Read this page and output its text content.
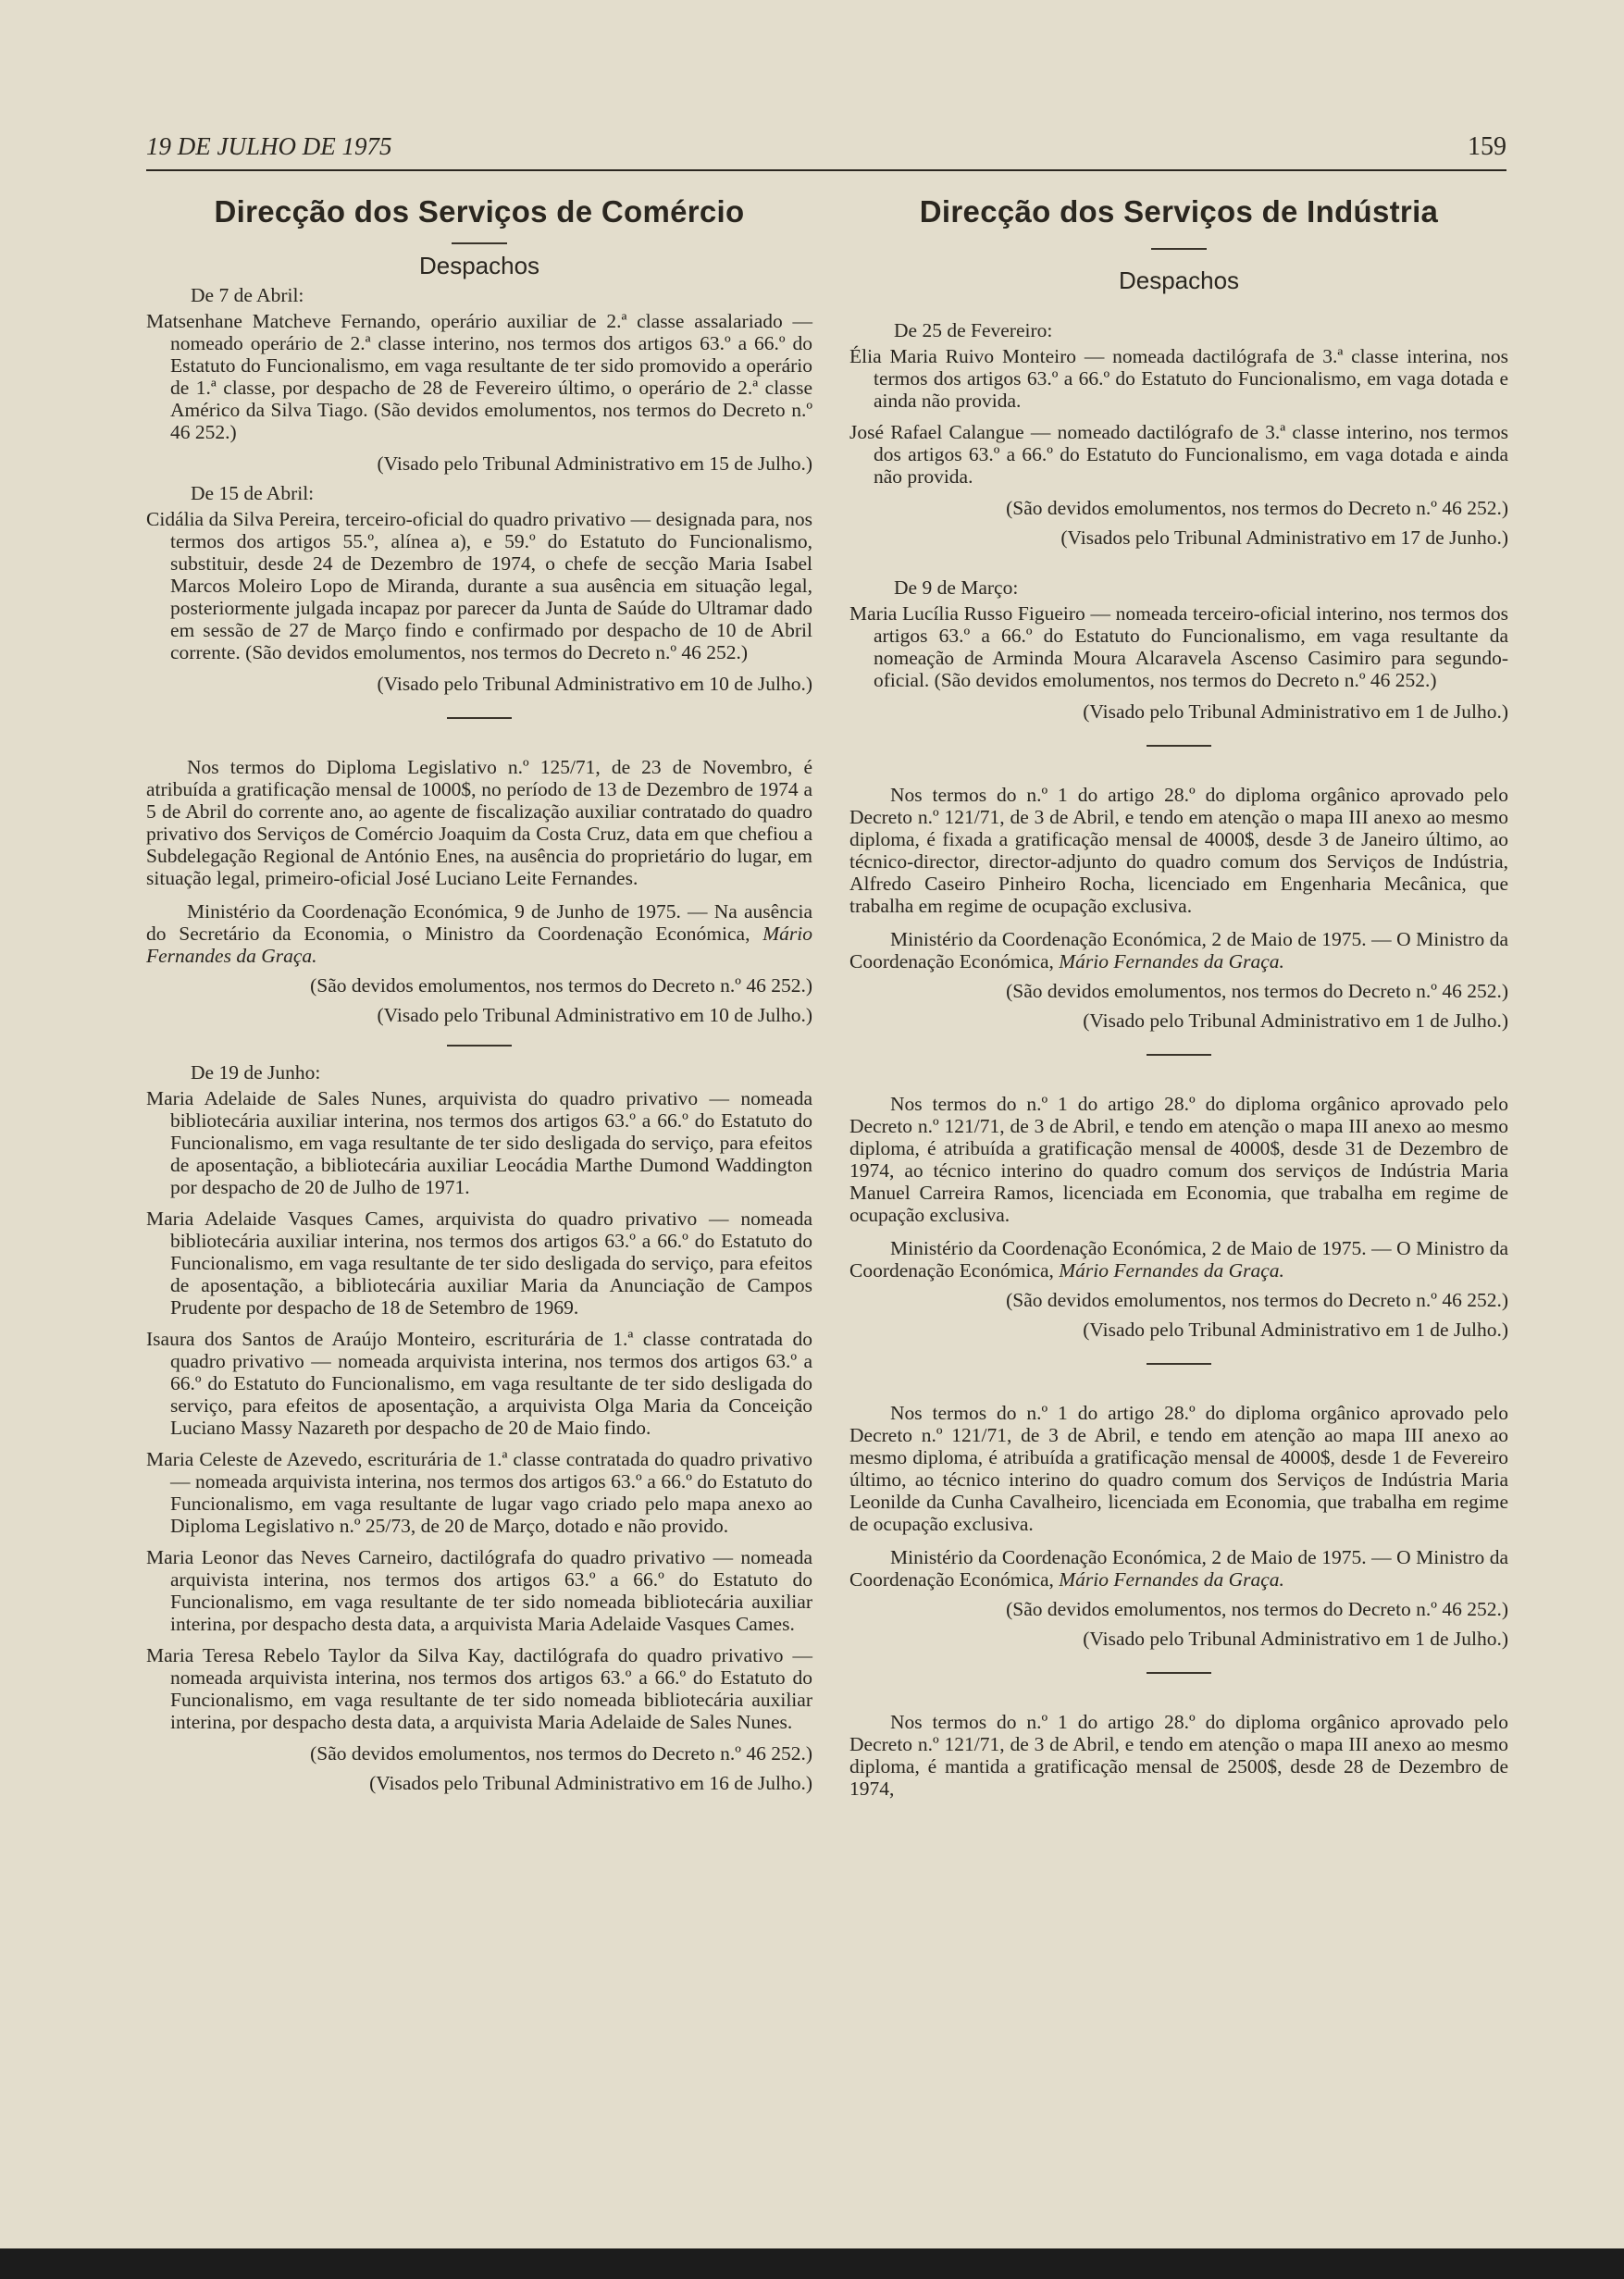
19 DE JULHO DE 1975	159
Direcção dos Serviços de Comércio
Despachos

De 7 de Abril:

Matsenhane Matcheve Fernando, operário auxiliar de 2.ª classe assalariado — nomeado operário de 2.ª classe interino, nos termos dos artigos 63.º a 66.º do Estatuto do Funcionalismo, em vaga resultante de ter sido promovido a operário de 1.ª classe, por despacho de 28 de Fevereiro último, o operário de 2.ª classe Américo da Silva Tiago. (São devidos emolumentos, nos termos do Decreto n.º 46 252.)

(Visado pelo Tribunal Administrativo em 15 de Julho.)

De 15 de Abril:

Cidália da Silva Pereira, terceiro-oficial do quadro privativo — designada para, nos termos dos artigos 55.º, alínea a), e 59.º do Estatuto do Funcionalismo, substituir, desde 24 de Dezembro de 1974, o chefe de secção Maria Isabel Marcos Moleiro Lopo de Miranda, durante a sua ausência em situação legal, posteriormente julgada incapaz por parecer da Junta de Saúde do Ultramar dado em sessão de 27 de Março findo e confirmado por despacho de 10 de Abril corrente. (São devidos emolumentos, nos termos do Decreto n.º 46 252.)

(Visado pelo Tribunal Administrativo em 10 de Julho.)

Nos termos do Diploma Legislativo n.º 125/71, de 23 de Novembro, é atribuída a gratificação mensal de 1000$, no período de 13 de Dezembro de 1974 a 5 de Abril do corrente ano, ao agente de fiscalização auxiliar contratado do quadro privativo dos Serviços de Comércio Joaquim da Costa Cruz, data em que chefiou a Subdelegação Regional de António Enes, na ausência do proprietário do lugar, em situação legal, primeiro-oficial José Luciano Leite Fernandes.

Ministério da Coordenação Económica, 9 de Junho de 1975. — Na ausência do Secretário da Economia, o Ministro da Coordenação Económica, Mário Fernandes da Graça.

(São devidos emolumentos, nos termos do Decreto n.º 46 252.)

(Visado pelo Tribunal Administrativo em 10 de Julho.)

De 19 de Junho:

Maria Adelaide de Sales Nunes, arquivista do quadro privativo — nomeada bibliotecária auxiliar interina, nos termos dos artigos 63.º a 66.º do Estatuto do Funcionalismo, em vaga resultante de ter sido desligada do serviço, para efeitos de aposentação, a bibliotecária auxiliar Leocádia Marthe Dumond Waddington por despacho de 20 de Julho de 1971.

Maria Adelaide Vasques Cames, arquivista do quadro privativo — nomeada bibliotecária auxiliar interina, nos termos dos artigos 63.º a 66.º do Estatuto do Funcionalismo, em vaga resultante de ter sido desligada do serviço, para efeitos de aposentação, a bibliotecária auxiliar Maria da Anunciação de Campos Prudente por despacho de 18 de Setembro de 1969.

Isaura dos Santos de Araújo Monteiro, escriturária de 1.ª classe contratada do quadro privativo — nomeada arquivista interina, nos termos dos artigos 63.º a 66.º do Estatuto do Funcionalismo, em vaga resultante de ter sido desligada do serviço, para efeitos de aposentação, a arquivista Olga Maria da Conceição Luciano Massy Nazareth por despacho de 20 de Maio findo.

Maria Celeste de Azevedo, escriturária de 1.ª classe contratada do quadro privativo — nomeada arquivista interina, nos termos dos artigos 63.º a 66.º do Estatuto do Funcionalismo, em vaga resultante de lugar vago criado pelo mapa anexo ao Diploma Legislativo n.º 25/73, de 20 de Março, dotado e não provido.

Maria Leonor das Neves Carneiro, dactilógrafa do quadro privativo — nomeada arquivista interina, nos termos dos artigos 63.º a 66.º do Estatuto do Funcionalismo, em vaga resultante de ter sido nomeada bibliotecária auxiliar interina, por despacho desta data, a arquivista Maria Adelaide Vasques Cames.

Maria Teresa Rebelo Taylor da Silva Kay, dactilógrafa do quadro privativo — nomeada arquivista interina, nos termos dos artigos 63.º a 66.º do Estatuto do Funcionalismo, em vaga resultante de ter sido nomeada bibliotecária auxiliar interina, por despacho desta data, a arquivista Maria Adelaide de Sales Nunes.

(São devidos emolumentos, nos termos do Decreto n.º 46 252.)

(Visados pelo Tribunal Administrativo em 16 de Julho.)

Direcção dos Serviços de Indústria
Despachos

De 25 de Fevereiro:

Élia Maria Ruivo Monteiro — nomeada dactilógrafa de 3.ª classe interina, nos termos dos artigos 63.º a 66.º do Estatuto do Funcionalismo, em vaga dotada e ainda não provida.

José Rafael Calangue — nomeado dactilógrafo de 3.ª classe interino, nos termos dos artigos 63.º a 66.º do Estatuto do Funcionalismo, em vaga dotada e ainda não provida.

(São devidos emolumentos, nos termos do Decreto n.º 46 252.)

(Visados pelo Tribunal Administrativo em 17 de Junho.)

De 9 de Março:

Maria Lucília Russo Figueiro — nomeada terceiro-oficial interino, nos termos dos artigos 63.º a 66.º do Estatuto do Funcionalismo, em vaga resultante da nomeação de Arminda Moura Alcaravela Ascenso Casimiro para segundo-oficial. (São devidos emolumentos, nos termos do Decreto n.º 46 252.)

(Visado pelo Tribunal Administrativo em 1 de Julho.)

Nos termos do n.º 1 do artigo 28.º do diploma orgânico aprovado pelo Decreto n.º 121/71, de 3 de Abril, e tendo em atenção o mapa III anexo ao mesmo diploma, é fixada a gratificação mensal de 4000$, desde 3 de Janeiro último, ao técnico-director, director-adjunto do quadro comum dos Serviços de Indústria, Alfredo Caseiro Pinheiro Rocha, licenciado em Engenharia Mecânica, que trabalha em regime de ocupação exclusiva.

Ministério da Coordenação Económica, 2 de Maio de 1975. — O Ministro da Coordenação Económica, Mário Fernandes da Graça.

(São devidos emolumentos, nos termos do Decreto n.º 46 252.)

(Visado pelo Tribunal Administrativo em 1 de Julho.)

Nos termos do n.º 1 do artigo 28.º do diploma orgânico aprovado pelo Decreto n.º 121/71, de 3 de Abril, e tendo em atenção o mapa III anexo ao mesmo diploma, é atribuída a gratificação mensal de 4000$, desde 31 de Dezembro de 1974, ao técnico interino do quadro comum dos serviços de Indústria Maria Manuel Carreira Ramos, licenciada em Economia, que trabalha em regime de ocupação exclusiva.

Ministério da Coordenação Económica, 2 de Maio de 1975. — O Ministro da Coordenação Económica, Mário Fernandes da Graça.

(São devidos emolumentos, nos termos do Decreto n.º 46 252.)

(Visado pelo Tribunal Administrativo em 1 de Julho.)

Nos termos do n.º 1 do artigo 28.º do diploma orgânico aprovado pelo Decreto n.º 121/71, de 3 de Abril, e tendo em atenção ao mapa III anexo ao mesmo diploma, é atribuída a gratificação mensal de 4000$, desde 1 de Fevereiro último, ao técnico interino do quadro comum dos Serviços de Indústria Maria Leonilde da Cunha Cavalheiro, licenciada em Economia, que trabalha em regime de ocupação exclusiva.

Ministério da Coordenação Económica, 2 de Maio de 1975. — O Ministro da Coordenação Económica, Mário Fernandes da Graça.

(São devidos emolumentos, nos termos do Decreto n.º 46 252.)

(Visado pelo Tribunal Administrativo em 1 de Julho.)

Nos termos do n.º 1 do artigo 28.º do diploma orgânico aprovado pelo Decreto n.º 121/71, de 3 de Abril, e tendo em atenção o mapa III anexo ao mesmo diploma, é mantida a gratificação mensal de 2500$, desde 28 de Dezembro de 1974,
